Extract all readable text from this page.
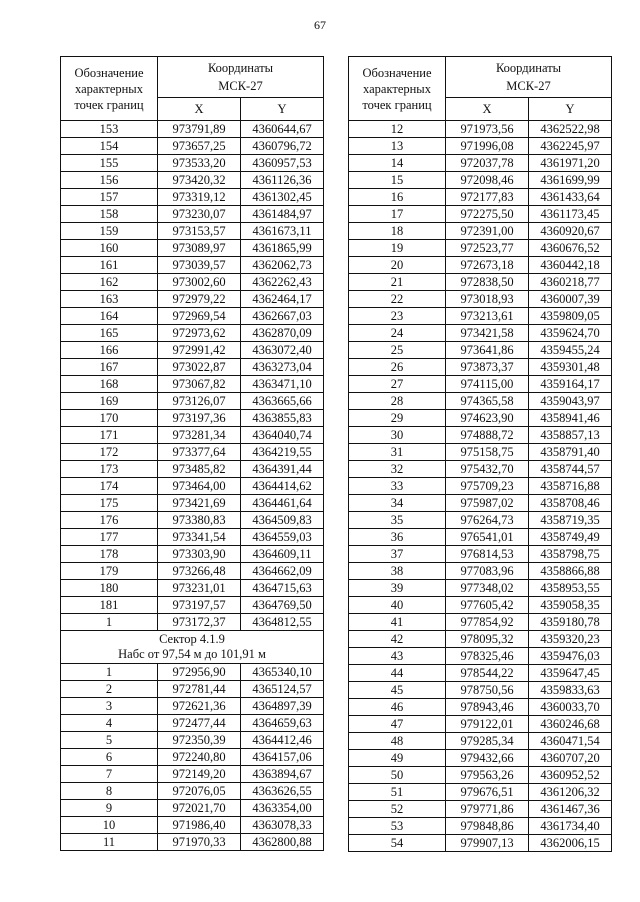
67
Обозначение характерных точек границ	Координаты
МСК-27	
	X	Y
153	973791,89	4360644,67
154	973657,25	4360796,72
155	973533,20	4360957,53
156	973420,32	4361126,36
157	973319,12	4361302,45
158	973230,07	4361484,97
159	973153,57	4361673,11
160	973089,97	4361865,99
161	973039,57	4362062,73
162	973002,60	4362262,43
163	972979,22	4362464,17
164	972969,54	4362667,03
165	972973,62	4362870,09
166	972991,42	4363072,40
167	973022,87	4363273,04
168	973067,82	4363471,10
169	973126,07	4363665,66
170	973197,36	4363855,83
171	973281,34	4364040,74
172	973377,64	4364219,55
173	973485,82	4364391,44
174	973464,00	4364414,62
175	973421,69	4364461,64
176	973380,83	4364509,83
177	973341,54	4364559,03
178	973303,90	4364609,11
179	973266,48	4364662,09
180	973231,01	4364715,63
181	973197,57	4364769,50
1	973172,37	4364812,55
Сектор 4.1.9
Набс от 97,54 м до 101,91 м		
1	972956,90	4365340,10
2	972781,44	4365124,57
3	972621,36	4364897,39
4	972477,44	4364659,63
5	972350,39	4364412,46
6	972240,80	4364157,06
7	972149,20	4363894,67
8	972076,05	4363626,55
9	972021,70	4363354,00
10	971986,40	4363078,33
11	971970,33	4362800,88
Обозначение характерных точек границ	Координаты
МСК-27	
	X	Y
12	971973,56	4362522,98
13	971996,08	4362245,97
14	972037,78	4361971,20
15	972098,46	4361699,99
16	972177,83	4361433,64
17	972275,50	4361173,45
18	972391,00	4360920,67
19	972523,77	4360676,52
20	972673,18	4360442,18
21	972838,50	4360218,77
22	973018,93	4360007,39
23	973213,61	4359809,05
24	973421,58	4359624,70
25	973641,86	4359455,24
26	973873,37	4359301,48
27	974115,00	4359164,17
28	974365,58	4359043,97
29	974623,90	4358941,46
30	974888,72	4358857,13
31	975158,75	4358791,40
32	975432,70	4358744,57
33	975709,23	4358716,88
34	975987,02	4358708,46
35	976264,73	4358719,35
36	976541,01	4358749,49
37	976814,53	4358798,75
38	977083,96	4358866,88
39	977348,02	4358953,55
40	977605,42	4359058,35
41	977854,92	4359180,78
42	978095,32	4359320,23
43	978325,46	4359476,03
44	978544,22	4359647,45
45	978750,56	4359833,63
46	978943,46	4360033,70
47	979122,01	4360246,68
48	979285,34	4360471,54
49	979432,66	4360707,20
50	979563,26	4360952,52
51	979676,51	4361206,32
52	979771,86	4361467,36
53	979848,86	4361734,40
54	979907,13	4362006,15
